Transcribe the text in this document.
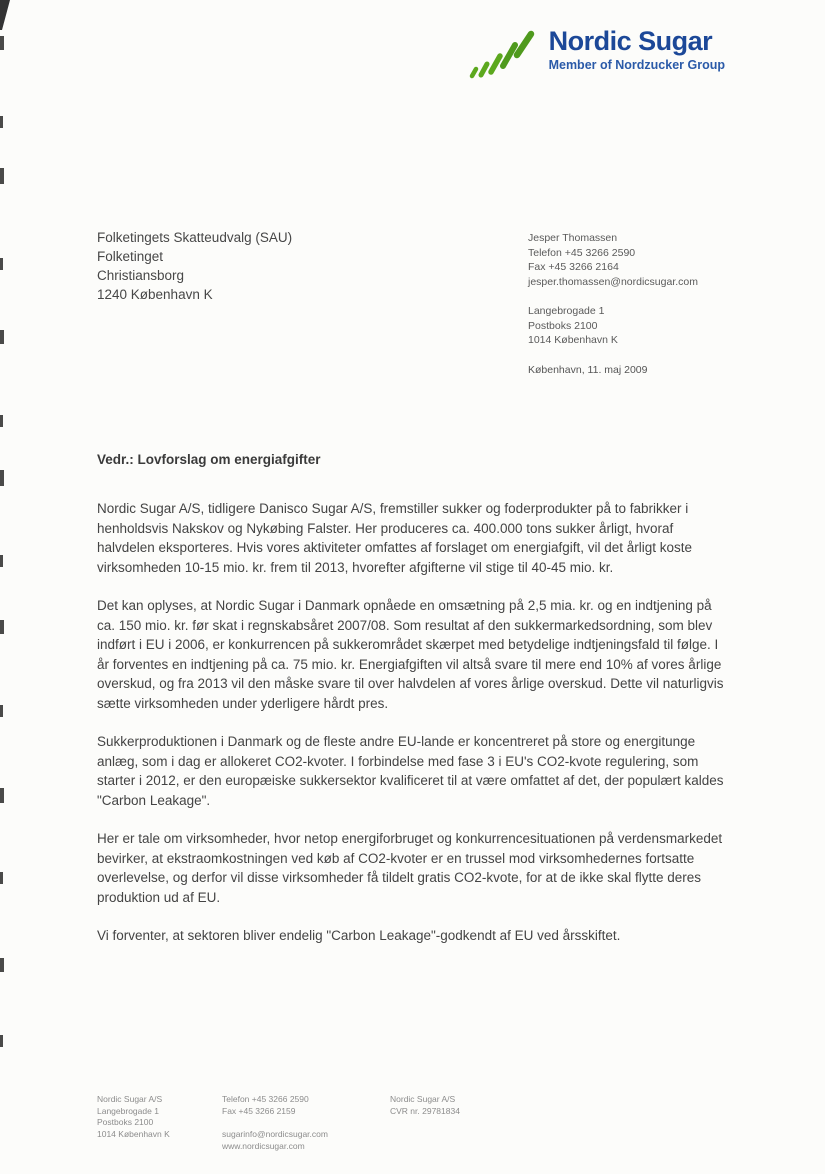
Nordic Sugar
Member of Nordzucker Group
Folketingets Skatteudvalg (SAU)
Folketinget
Christiansborg
1240 København K
Jesper Thomassen
Telefon +45 3266 2590
Fax +45 3266 2164
jesper.thomassen@nordicsugar.com
Langebrogade 1
Postboks 2100
1014 København K
København, 11. maj 2009
Vedr.: Lovforslag om energiafgifter

Nordic Sugar A/S, tidligere Danisco Sugar A/S, fremstiller sukker og foderprodukter på to fabrikker i henholdsvis Nakskov og Nykøbing Falster. Her produceres ca. 400.000 tons sukker årligt, hvoraf halvdelen eksporteres. Hvis vores aktiviteter omfattes af forslaget om energiafgift, vil det årligt koste virksomheden 10-15 mio. kr. frem til 2013, hvorefter afgifterne vil stige til 40-45 mio. kr.

Det kan oplyses, at Nordic Sugar i Danmark opnåede en omsætning på 2,5 mia. kr. og en indtjening på ca. 150 mio. kr. før skat i regnskabsåret 2007/08. Som resultat af den sukkermarkedsordning, som blev indført i EU i 2006, er konkurrencen på sukkerområdet skærpet med betydelige indtjeningsfald til følge. I år forventes en indtjening på ca. 75 mio. kr. Energiafgiften vil altså svare til mere end 10% af vores årlige overskud, og fra 2013 vil den måske svare til over halvdelen af vores årlige overskud. Dette vil naturligvis sætte virksomheden under yderligere hårdt pres.

Sukkerproduktionen i Danmark og de fleste andre EU-lande er koncentreret på store og energitunge anlæg, som i dag er allokeret CO2-kvoter. I forbindelse med fase 3 i EU's CO2-kvote regulering, som starter i 2012, er den europæiske sukkersektor kvalificeret til at være omfattet af det, der populært kaldes "Carbon Leakage".

Her er tale om virksomheder, hvor netop energiforbruget og konkurrencesituationen på verdensmarkedet bevirker, at ekstraomkostningen ved køb af CO2-kvoter er en trussel mod virksomhedernes fortsatte overlevelse, og derfor vil disse virksomheder få tildelt gratis CO2-kvote, for at de ikke skal flytte deres produktion ud af EU.

Vi forventer, at sektoren bliver endelig "Carbon Leakage"-godkendt af EU ved årsskiftet.

Nordic Sugar A/S
Langebrogade 1
Postboks 2100
1014 København K
Telefon +45 3266 2590
Fax +45 3266 2159
sugarinfo@nordicsugar.com
www.nordicsugar.com
Nordic Sugar A/S
CVR nr. 29781834
